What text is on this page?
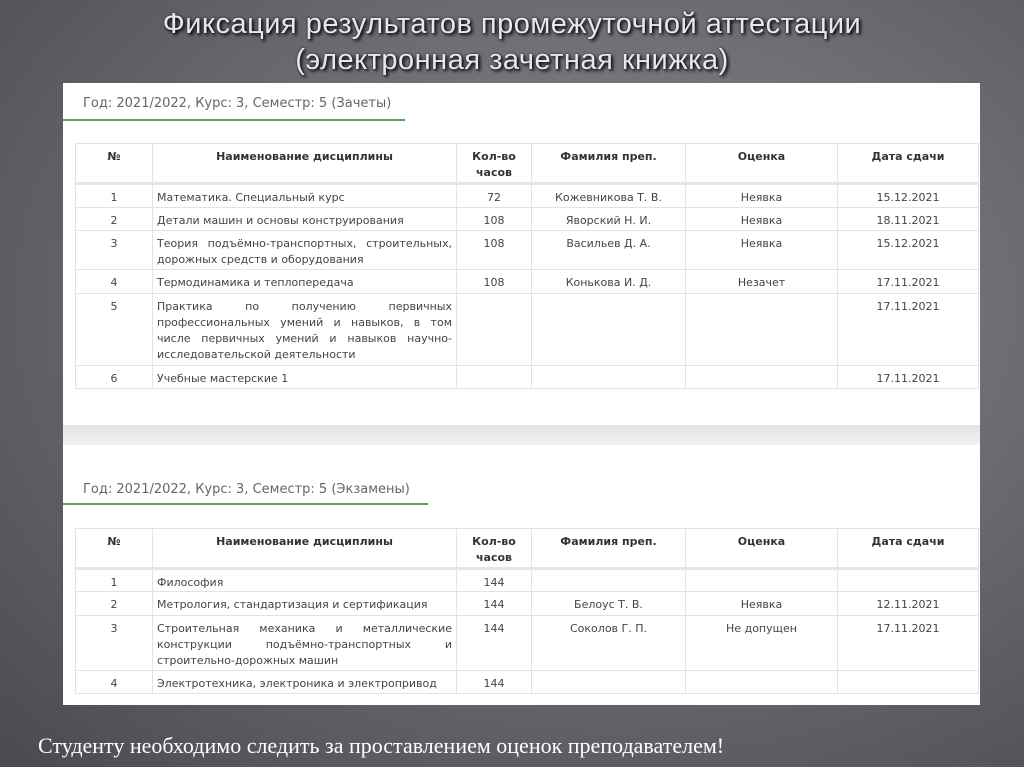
Фиксация результатов промежуточной аттестации
(электронная зачетная книжка)
Год: 2021/2022, Курс: 3, Семестр: 5 (Зачеты)
№	Наименование дисциплины	Кол-во часов	Фамилия преп.	Оценка	Дата сдачи
1	Математика. Специальный курс	72	Кожевникова Т. В.	Неявка	15.12.2021
2	Детали машин и основы конструирования	108	Яворский Н. И.	Неявка	18.11.2021
3	Теория подъёмно-транспортных, строительных, дорожных средств и оборудования	108	Васильев Д. А.	Неявка	15.12.2021
4	Термодинамика и теплопередача	108	Конькова И. Д.	Незачет	17.11.2021
5	Практика по получению первичных профессиональных умений и навыков, в том числе первичных умений и навыков научно-исследовательской деятельности				17.11.2021
6	Учебные мастерские 1				17.11.2021
Год: 2021/2022, Курс: 3, Семестр: 5 (Экзамены)
№	Наименование дисциплины	Кол-во часов	Фамилия преп.	Оценка	Дата сдачи
1	Философия	144			
2	Метрология, стандартизация и сертификация	144	Белоус Т. В.	Неявка	12.11.2021
3	Строительная механика и металлические конструкции подъёмно-транспортных и строительно-дорожных машин	144	Соколов Г. П.	Не допущен	17.11.2021
4	Электротехника, электроника и электропривод	144			
Студенту необходимо следить за проставлением оценок преподавателем!
